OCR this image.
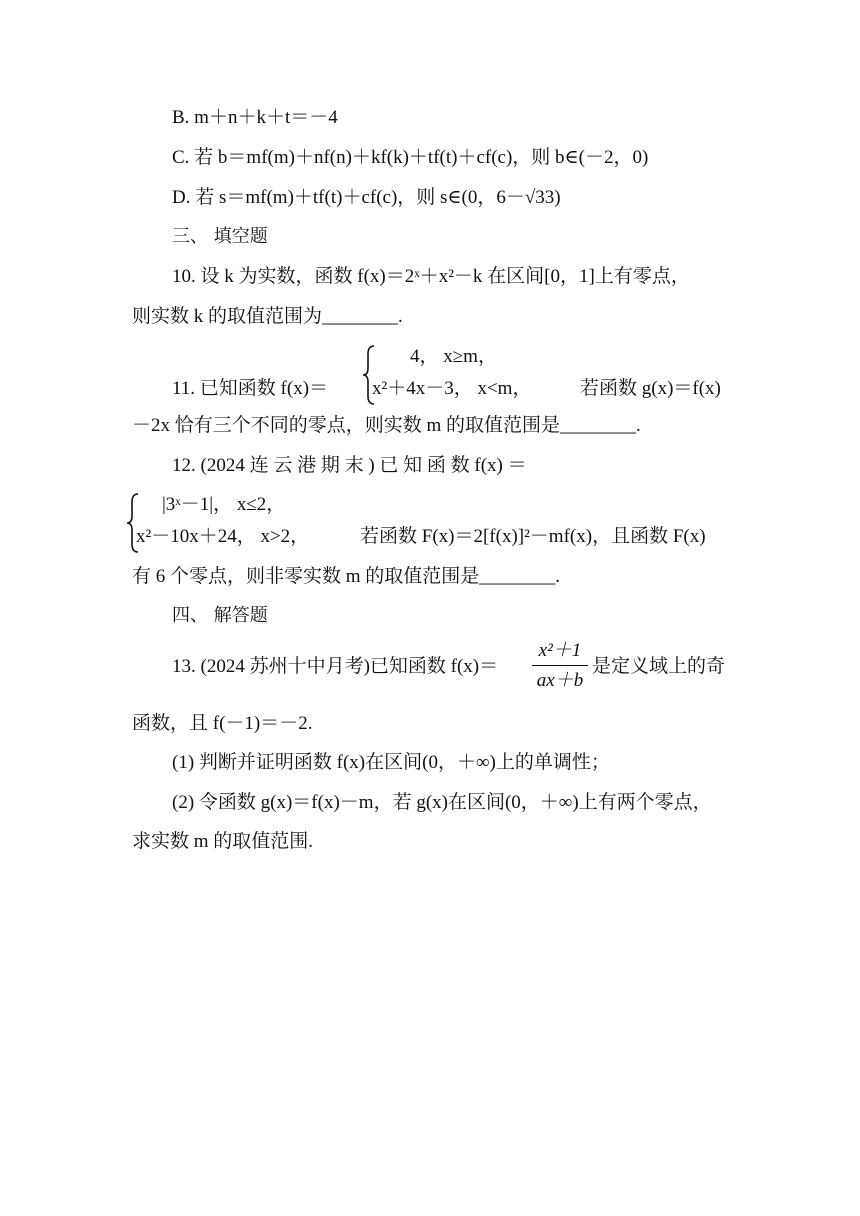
B. m＋n＋k＋t＝－4
C. 若 b＝mf(m)＋nf(n)＋kf(k)＋tf(t)＋cf(c)，则 b∈(－2，0)
D. 若 s＝mf(m)＋tf(t)＋cf(c)，则 s∈(0，6－√33)
三、 填空题
10. 设 k 为实数，函数 f(x)＝2ˣ＋x²－k 在区间[0，1]上有零点，
则实数 k 的取值范围为________.
11. 已知函数 f(x)＝
4， x≥m，
x²＋4x－3， x<m，	若函数 g(x)＝f(x)
－2x 恰有三个不同的零点，则实数 m 的取值范围是________.
12. (2024 连 云 港 期 末 ) 已 知 函 数 f(x) ＝
|3ˣ－1|， x≤2，
x²－10x＋24， x>2，	若函数 F(x)＝2[f(x)]²－mf(x)，且函数 F(x)
有 6 个零点，则非零实数 m 的取值范围是________.
四、 解答题
13. (2024 苏州十中月考)已知函数 f(x)＝
x²＋1
ax＋b
是定义域上的奇
函数，且 f(－1)＝－2.
(1) 判断并证明函数 f(x)在区间(0，＋∞)上的单调性；
(2) 令函数 g(x)＝f(x)－m，若 g(x)在区间(0，＋∞)上有两个零点，
求实数 m 的取值范围.
